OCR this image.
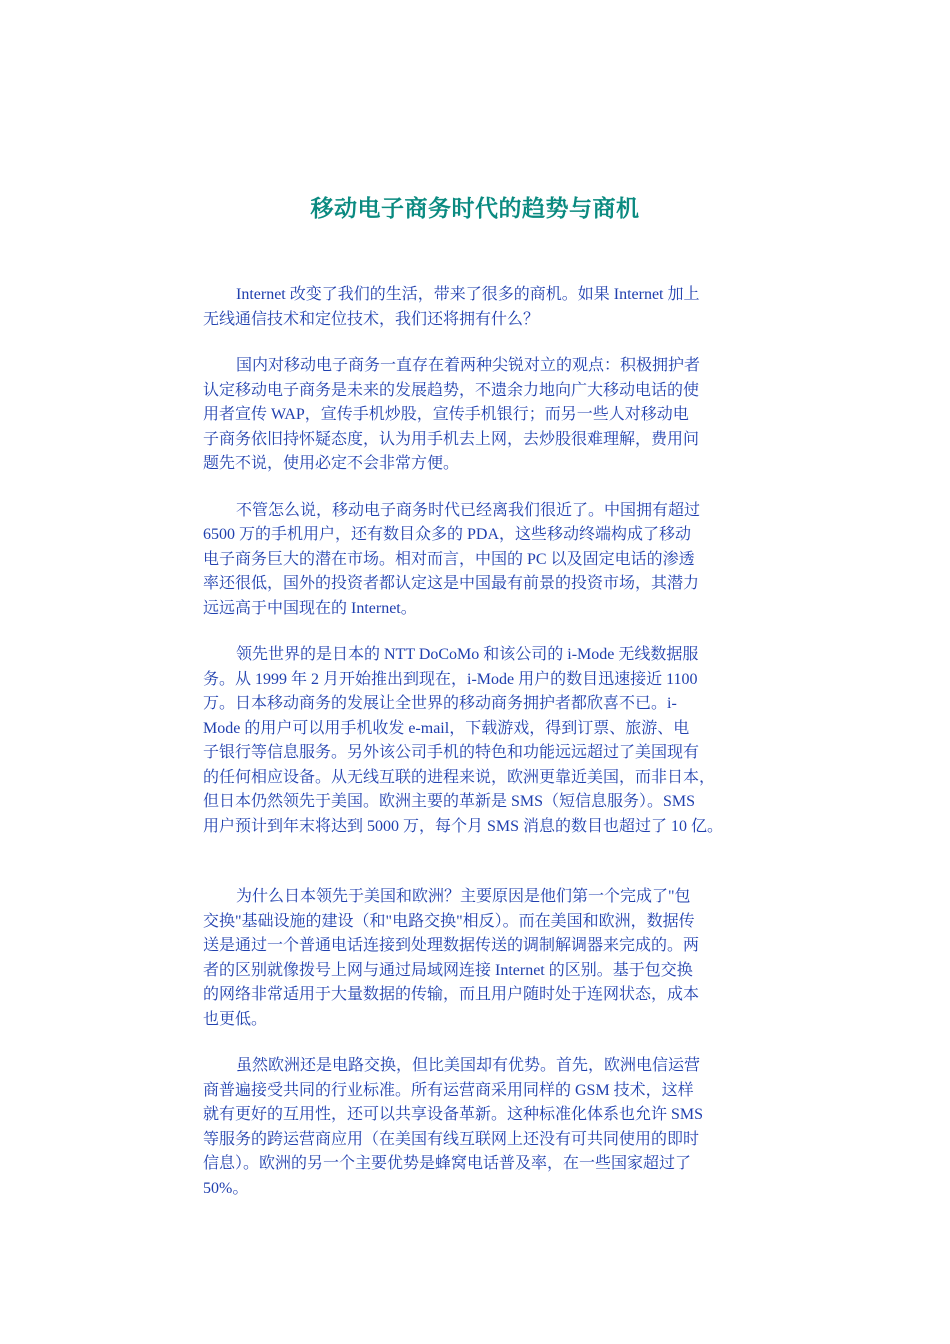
移动电子商务时代的趋势与商机

Internet 改变了我们的生活，带来了很多的商机。如果 Internet 加上
无线通信技术和定位技术，我们还将拥有什么？

国内对移动电子商务一直存在着两种尖锐对立的观点：积极拥护者
认定移动电子商务是未来的发展趋势，不遗余力地向广大移动电话的使
用者宣传 WAP，宣传手机炒股，宣传手机银行；而另一些人对移动电
子商务依旧持怀疑态度，认为用手机去上网，去炒股很难理解，费用问
题先不说，使用必定不会非常方便。

不管怎么说，移动电子商务时代已经离我们很近了。中国拥有超过
6500 万的手机用户，还有数目众多的 PDA，这些移动终端构成了移动
电子商务巨大的潜在市场。相对而言，中国的 PC 以及固定电话的渗透
率还很低，国外的投资者都认定这是中国最有前景的投资市场，其潜力
远远高于中国现在的 Internet。

领先世界的是日本的 NTT DoCoMo 和该公司的 i-Mode 无线数据服
务。从 1999 年 2 月开始推出到现在，i-Mode 用户的数目迅速接近 1100
万。日本移动商务的发展让全世界的移动商务拥护者都欣喜不已。i-
Mode 的用户可以用手机收发 e-mail，下载游戏，得到订票、旅游、电
子银行等信息服务。另外该公司手机的特色和功能远远超过了美国现有
的任何相应设备。从无线互联的进程来说，欧洲更靠近美国，而非日本，
但日本仍然领先于美国。欧洲主要的革新是 SMS（短信息服务）。SMS
用户预计到年末将达到 5000 万，每个月 SMS 消息的数目也超过了 10 亿。

为什么日本领先于美国和欧洲？主要原因是他们第一个完成了"包
交换"基础设施的建设（和"电路交换"相反）。而在美国和欧洲，数据传
送是通过一个普通电话连接到处理数据传送的调制解调器来完成的。两
者的区别就像拨号上网与通过局域网连接 Internet 的区别。基于包交换
的网络非常适用于大量数据的传输，而且用户随时处于连网状态，成本
也更低。

虽然欧洲还是电路交换，但比美国却有优势。首先，欧洲电信运营
商普遍接受共同的行业标准。所有运营商采用同样的 GSM 技术，这样
就有更好的互用性，还可以共享设备革新。这种标准化体系也允许 SMS
等服务的跨运营商应用（在美国有线互联网上还没有可共同使用的即时
信息）。欧洲的另一个主要优势是蜂窝电话普及率，在一些国家超过了
50%。
